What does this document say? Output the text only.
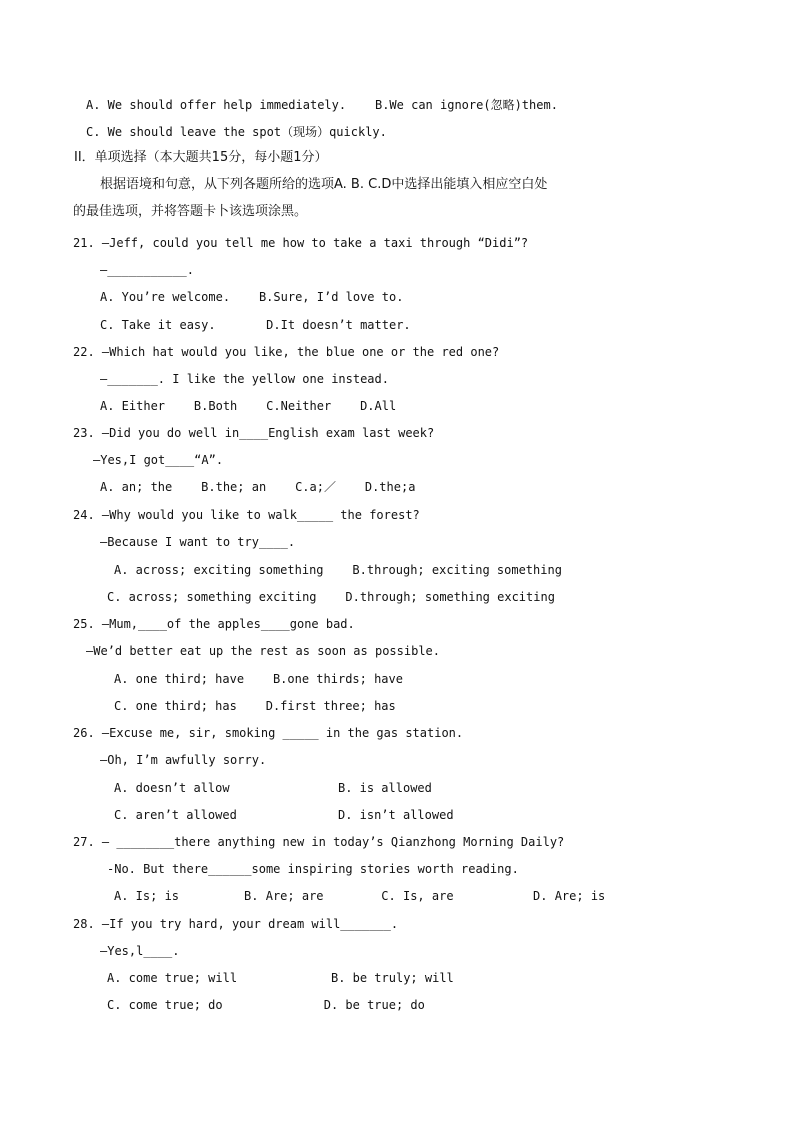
A. We should offer help immediately.    B.We can ignore(忽略)them.
C. We should leave the spot（现场）quickly.
II．单项选择（本大题共15分，每小题1分）
根据语境和句意，从下列各题所给的选项A. B. C.D中选择出能填入相应空白处
的最佳选项，并将答题卡卜该选项涂黑。
21. —Jeff, could you tell me how to take a taxi through “Didi”?
—___________.
A. You’re welcome.    B.Sure, I’d love to.
C. Take it easy.       D.It doesn’t matter.
22. —Which hat would you like, the blue one or the red one?
—_______. I like the yellow one instead.
A. Either    B.Both    C.Neither    D.All
23. —Did you do well in____English exam last week?
—Yes,I got____“A”.
A. an; the    B.the; an    C.a;／    D.the;a
24. —Why would you like to walk_____ the forest?
—Because I want to try____.
A. across; exciting something    B.through; exciting something
C. across; something exciting    D.through; something exciting
25. —Mum,____of the apples____gone bad.
—We’d better eat up the rest as soon as possible.
A. one third; have    B.one thirds; have
C. one third; has    D.first three; has
26. —Excuse me, sir, smoking _____ in the gas station.
—Oh, I’m awfully sorry.
A. doesn’t allow               B. is allowed
C. aren’t allowed              D. isn’t allowed
27. — ________there anything new in today’s Qianzhong Morning Daily?
-No. But there______some inspiring stories worth reading.
A. Is; is         B. Are; are        C. Is, are           D. Are; is
28. —If you try hard, your dream will_______.
—Yes,l____.
A. come true; will             B. be truly; will
C. come true; do              D. be true; do
